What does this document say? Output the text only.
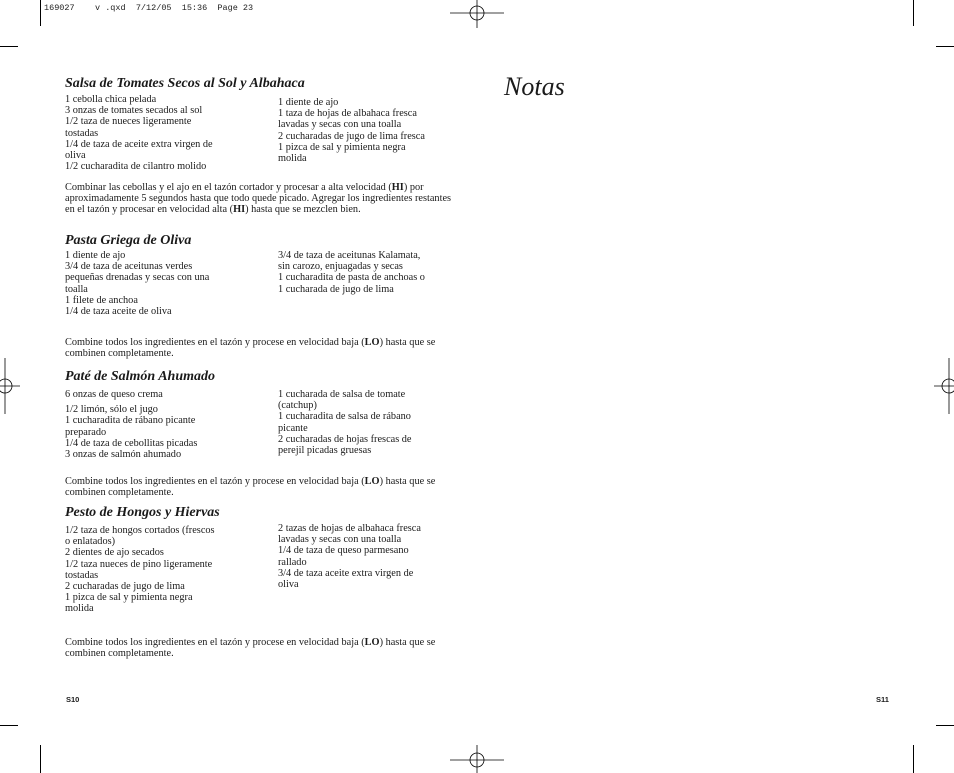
169027    v .qxd  7/12/05  15:36  Page 23
Salsa de Tomates Secos al Sol y Albahaca
1 cebolla chica pelada
3 onzas de tomates secados al sol
1/2 taza de nueces ligeramente
tostadas
1/4 de taza de aceite extra virgen de
oliva
1/2 cucharadita de cilantro molido
1 diente de ajo
1 taza de hojas de albahaca fresca
lavadas y secas con una toalla
2 cucharadas de jugo de lima fresca
1 pizca de sal y pimienta negra
molida

Combinar las cebollas y el ajo en el tazón cortador y procesar a alta velocidad (HI) por aproximadamente 5 segundos hasta que todo quede picado. Agregar los ingredientes restantes en el tazón y procesar en velocidad alta (HI) hasta que se mezclen bien.

Pasta Griega de Oliva
1 diente de ajo
3/4 de taza de aceitunas verdes
pequeñas drenadas y secas con una
toalla
1 filete de anchoa
1/4 de taza aceite de oliva
3/4 de taza de aceitunas Kalamata,
sin carozo, enjuagadas y secas
1 cucharadita de pasta de anchoas o
1 cucharada de jugo de lima

Combine todos los ingredientes en el tazón y procese en velocidad baja (LO) hasta que se combinen completamente.

Paté de Salmón Ahumado
6 onzas de queso crema
1/2 limón, sólo el jugo
1 cucharadita de rábano picante
preparado
1/4 de taza de cebollitas picadas
3 onzas de salmón ahumado
1 cucharada de salsa de tomate
(catchup)
1 cucharadita de salsa de rábano
picante
2 cucharadas de hojas frescas de
perejil picadas gruesas

Combine todos los ingredientes en el tazón y procese en velocidad baja (LO) hasta que se combinen completamente.

Pesto de Hongos y Hiervas
1/2 taza de hongos cortados (frescos
o enlatados)
2 dientes de ajo secados
1/2 taza nueces de pino ligeramente
tostadas
2 cucharadas de jugo de lima
1 pizca de sal y pimienta negra
molida
2 tazas de hojas de albahaca fresca
lavadas y secas con una toalla
1/4 de taza de queso parmesano
rallado
3/4 de taza aceite extra virgen de
oliva

Combine todos los ingredientes en el tazón y procese en velocidad baja (LO) hasta que se combinen completamente.

Notas
S10	S11
